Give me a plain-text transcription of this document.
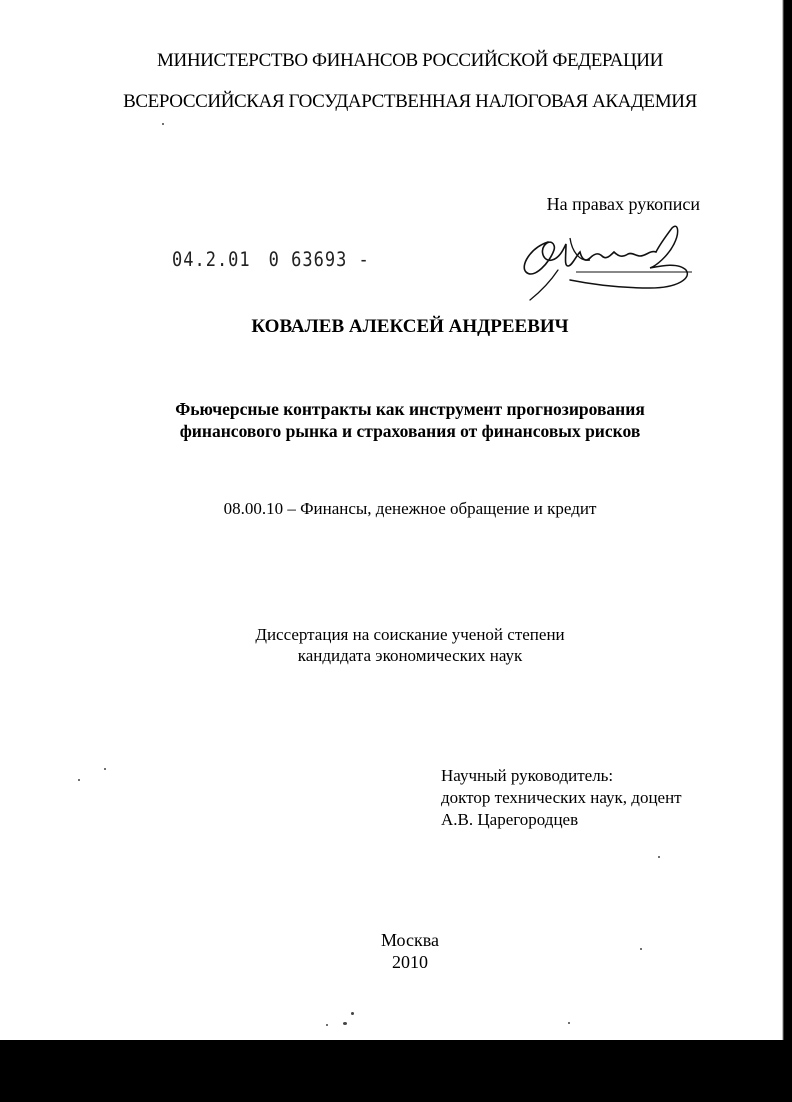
МИНИСТЕРСТВО ФИНАНСОВ РОССИЙСКОЙ ФЕДЕРАЦИИ
ВСЕРОССИЙСКАЯ ГОСУДАРСТВЕННАЯ НАЛОГОВАЯ АКАДЕМИЯ
На правах рукописи
04.2.01 0 63693 -
КОВАЛЕВ АЛЕКСЕЙ АНДРЕЕВИЧ
Фьючерсные контракты как инструмент прогнозирования
финансового рынка и страхования от финансовых рисков
08.00.10 – Финансы, денежное обращение и кредит
Диссертация на соискание ученой степени
кандидата экономических наук
Научный руководитель:
доктор технических наук, доцент
А.В. Царегородцев
Москва
2010
